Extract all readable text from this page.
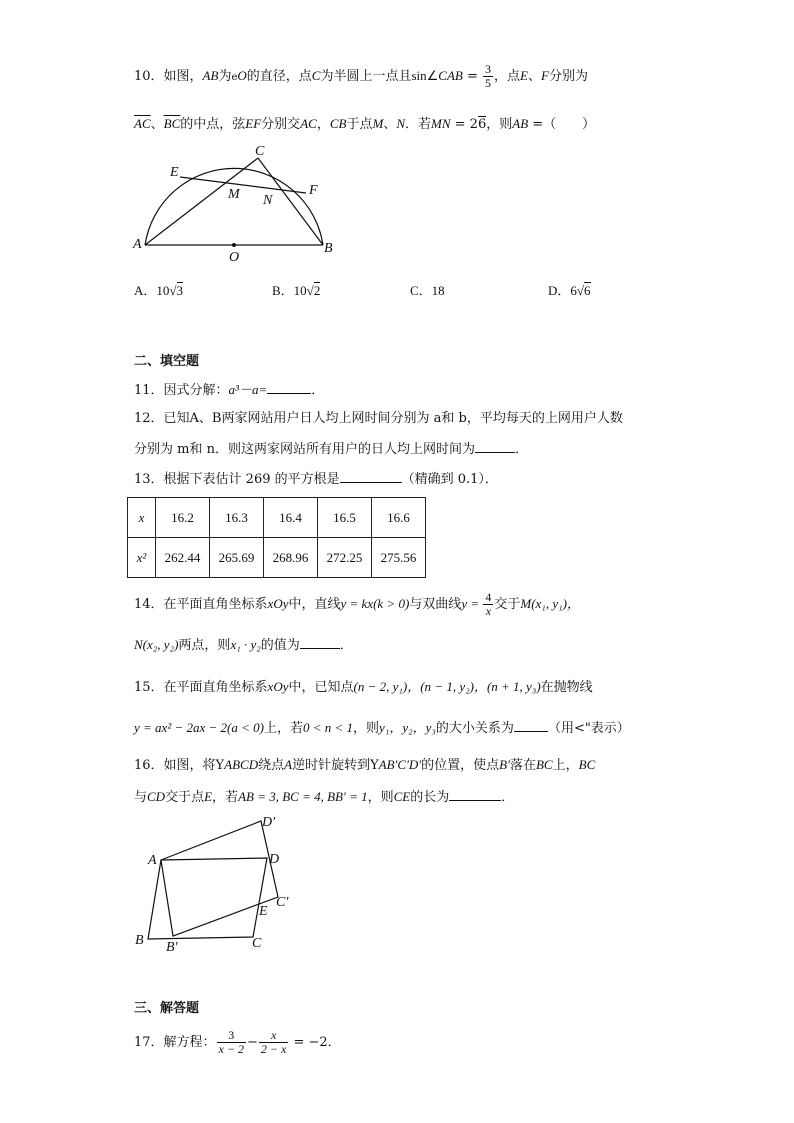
10．如图，AB为eO的直径，点C为半圆上一点且sin∠CAB = $\frac{3}{5}$ ，点E、F分别为
$\overline{AC}$、$\overline{BC}$的中点，弦EF分别交AC，CB于点M、N．若MN = 26，则AB =（　　）
E
C
M N
F
A
O
B
A．10√3	B．10√2	C．18	D．6√6
二、填空题
11．因式分解：a³－a=	．
12．已知A、B两家网站用户日人均上网时间分别为 a和 b，平均每天的上网用户人数
分别为 m和 n．则这两家网站所有用户的日人均上网时间为	．
13．根据下表估计 269 的平方根是	（精确到 0.1）．
x	16.2	16.3	16.4	16.5	16.6
x²	262.44	265.69	268.96	272.25	275.56
14．在平面直角坐标系xOy中，直线y = kx(k > 0)与双曲线$y = \frac{4}{x}$ 交于M(x₁, y₁)，
N(x₂, y₂)两点，则x₁ · y₂的值为	．
15．在平面直角坐标系xOy中，已知点(n − 2, y₁)，(n − 1, y₂)，(n + 1, y₃)在抛物线
y = ax² − 2ax − 2(a < 0)上，若0 < n < 1，则y₁，y₂，y₃的大小关系为	（用<"表示）
16．如图，将YABCD绕点A逆时针旋转到YAB′C′D′的位置，使点B′落在BC上，BC
与CD交于点E，若AB = 3, BC = 4, BB′ = 1，则CE的长为	．
D′
A	D
C′
E
B B′	C
三、解答题
17．解方程： $\frac{3}{x - 2} - \frac{x}{2 - x} = -2$．
